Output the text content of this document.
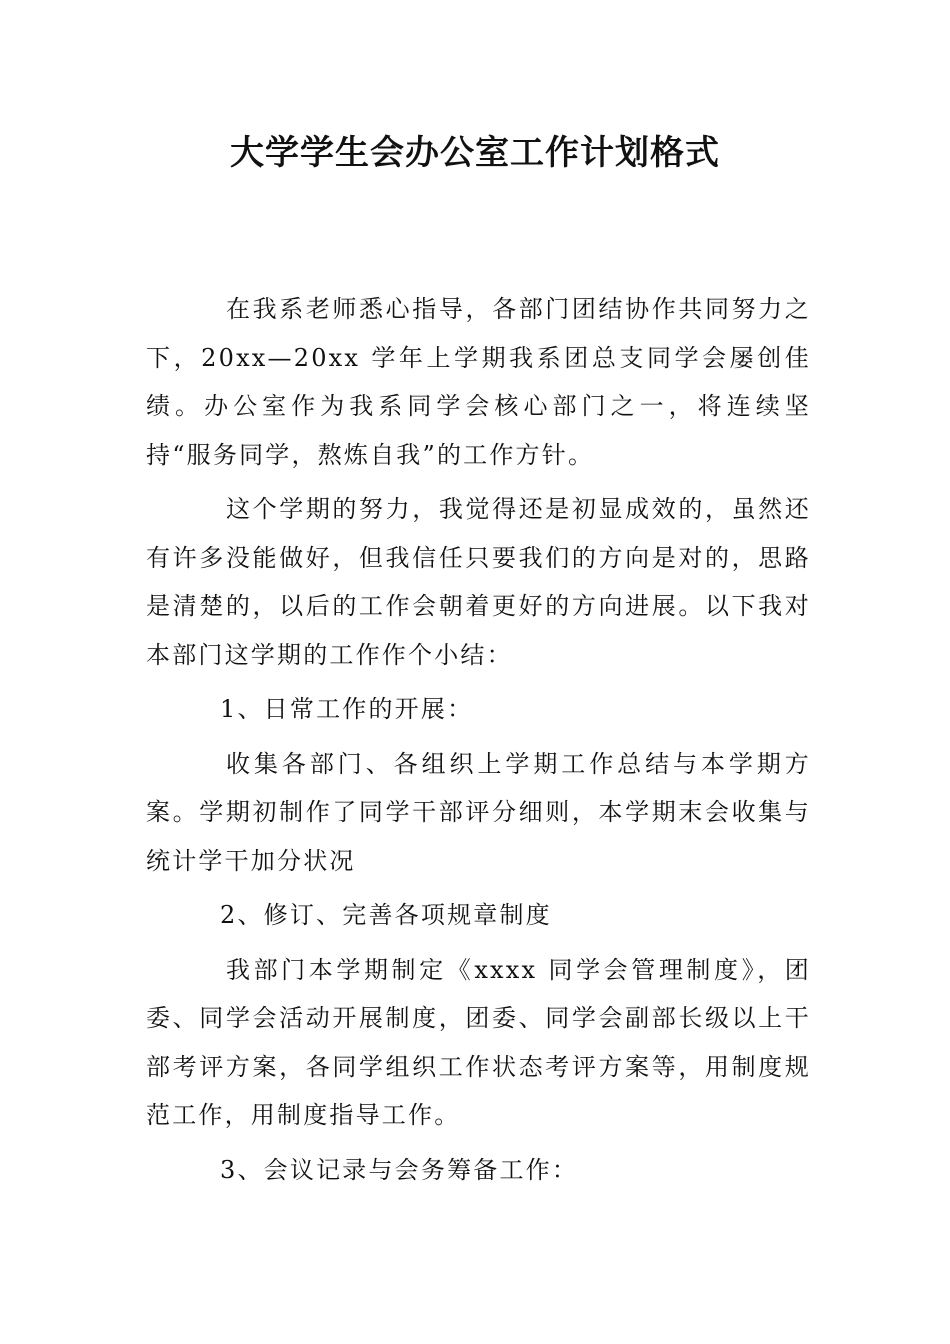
大学学生会办公室工作计划格式

在我系老师悉心指导，各部门团结协作共同努力之下，20xx—20xx 学年上学期我系团总支同学会屡创佳绩。办公室作为我系同学会核心部门之一，将连续坚持“服务同学，熬炼自我”的工作方针。

这个学期的努力，我觉得还是初显成效的，虽然还有许多没能做好，但我信任只要我们的方向是对的，思路是清楚的，以后的工作会朝着更好的方向进展。以下我对本部门这学期的工作作个小结：

1、日常工作的开展：

收集各部门、各组织上学期工作总结与本学期方案。学期初制作了同学干部评分细则，本学期末会收集与统计学干加分状况

2、修订、完善各项规章制度

我部门本学期制定《xxxx 同学会管理制度》，团委、同学会活动开展制度，团委、同学会副部长级以上干部考评方案，各同学组织工作状态考评方案等，用制度规范工作，用制度指导工作。

3、会议记录与会务筹备工作：
